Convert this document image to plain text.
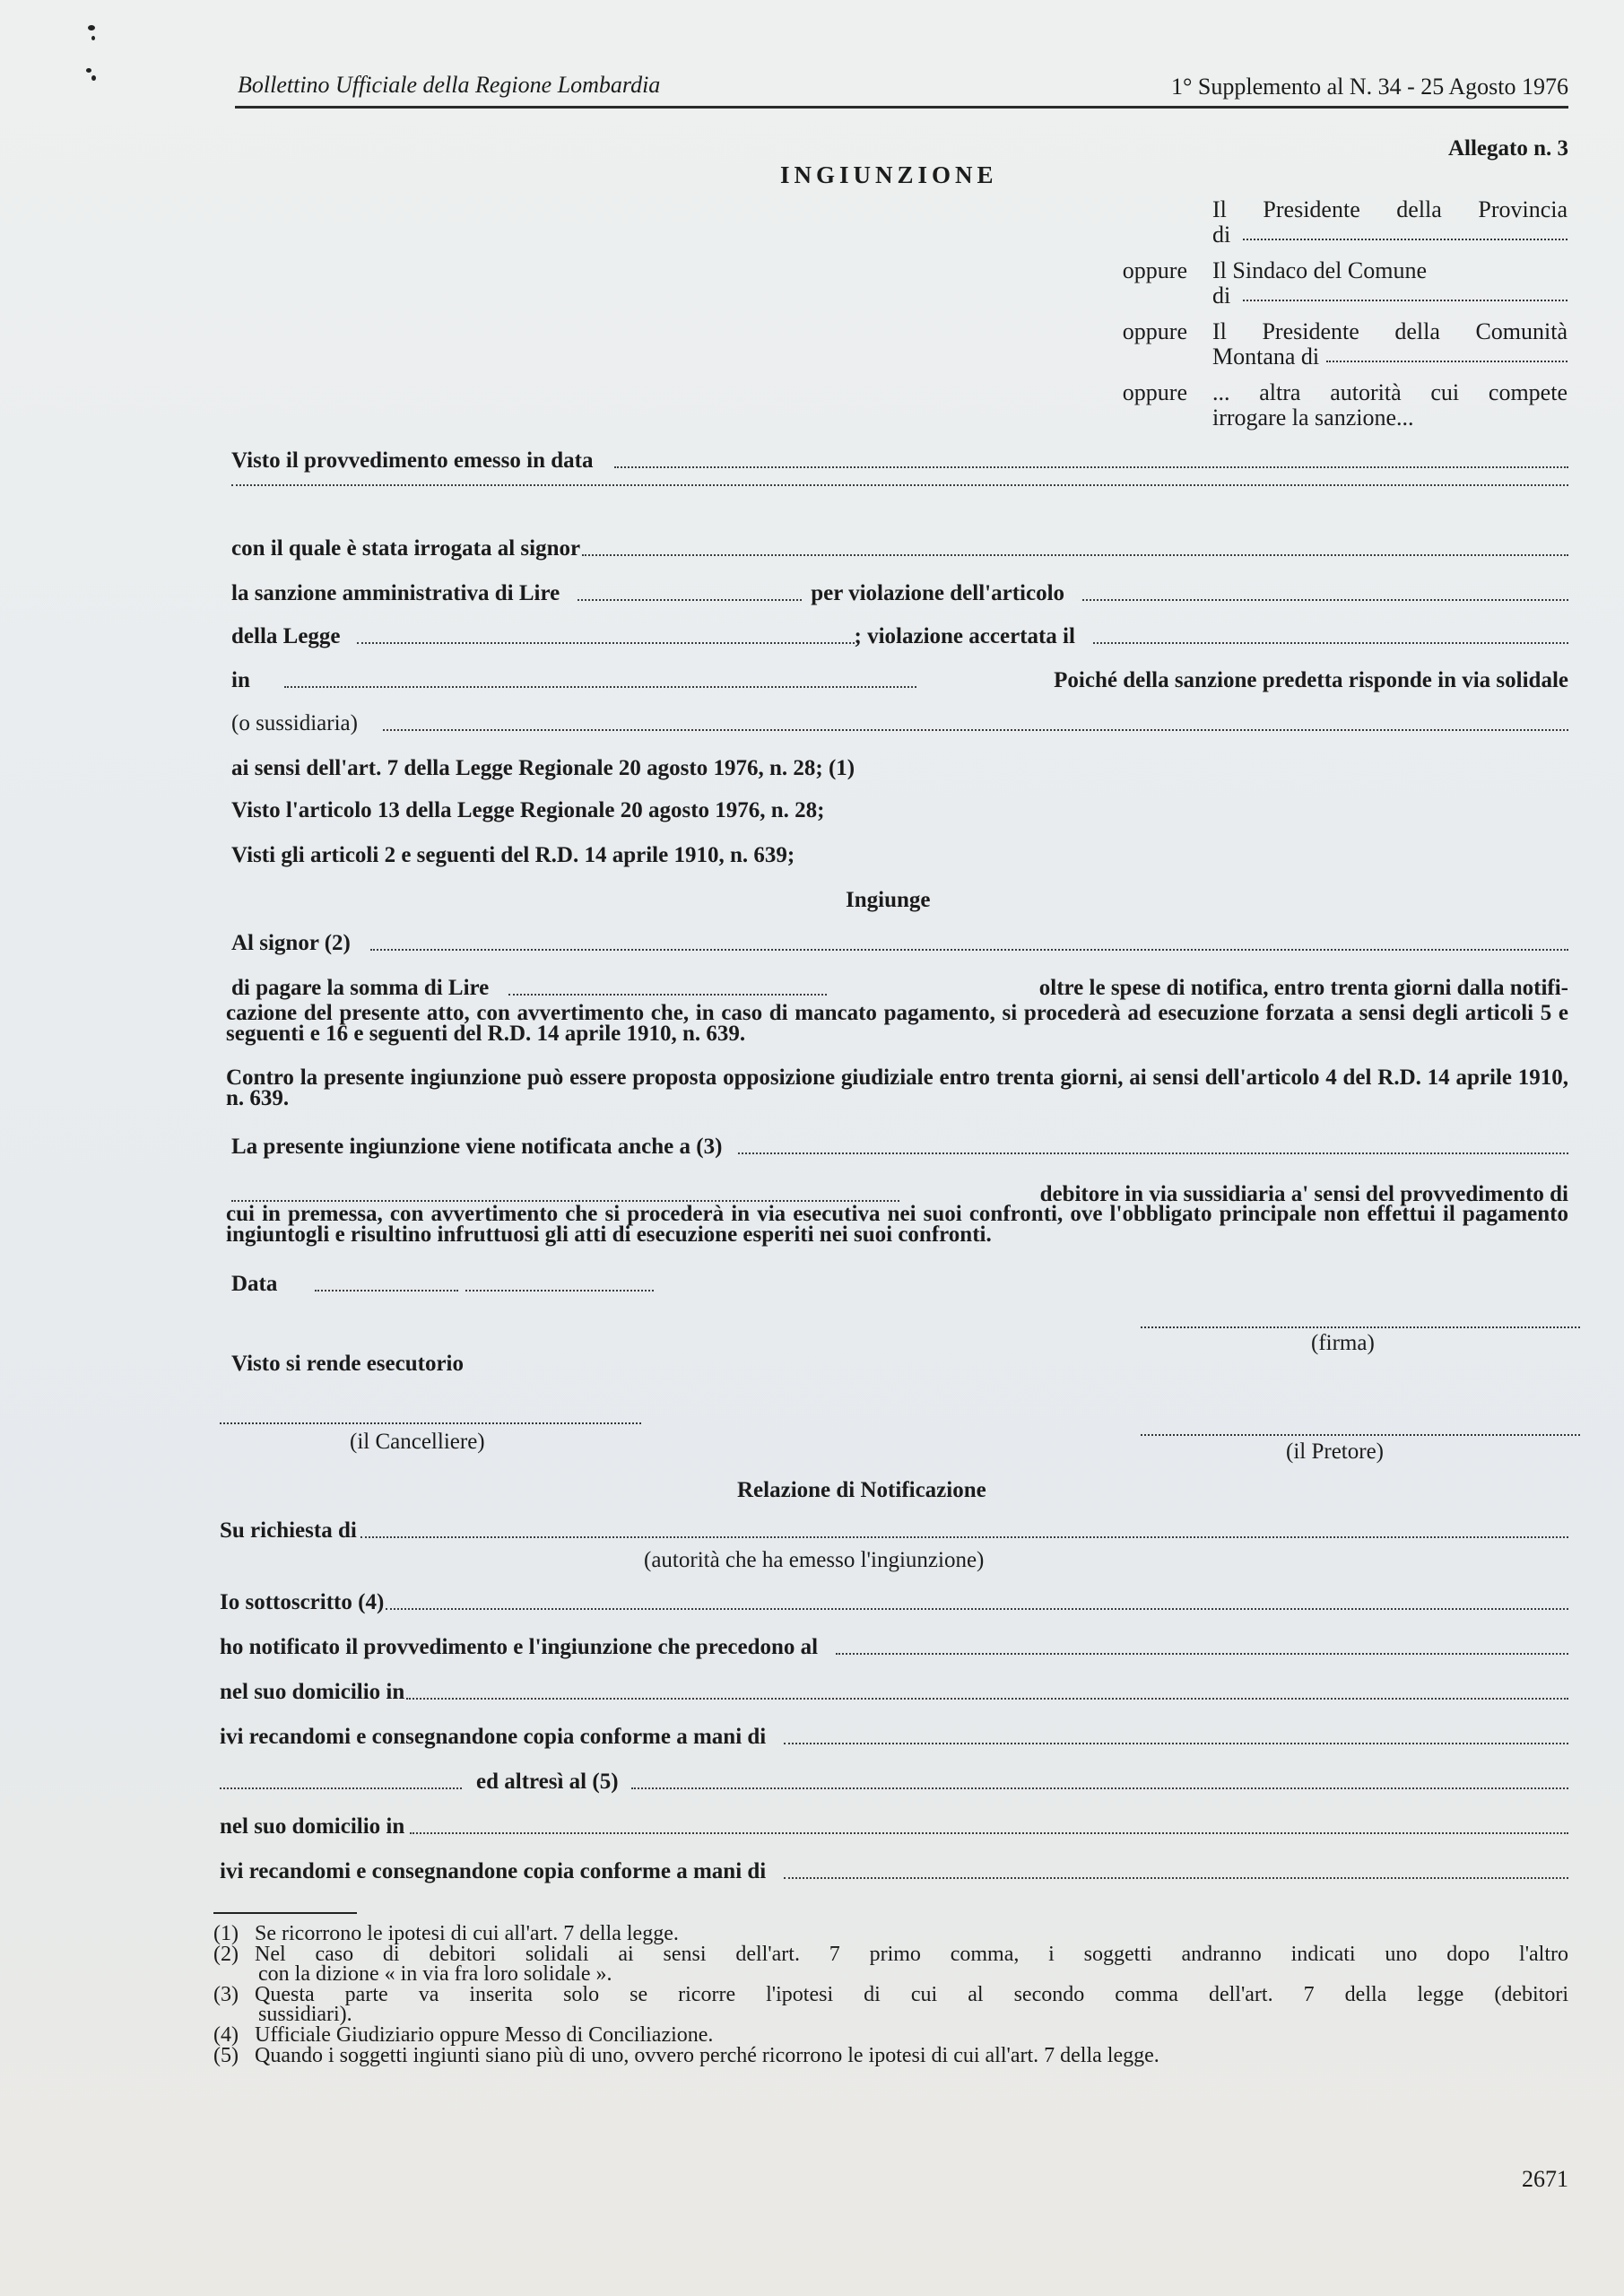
Bollettino Ufficiale della Regione Lombardia	1° Supplemento al N. 34 - 25 Agosto 1976
Allegato n. 3
INGIUNZIONE
Il Presidente della Provincia
di
oppure Il Sindaco del Comune
di
oppure Il Presidente della Comunità
Montana di
oppure ... altra autorità cui compete
irrogare la sanzione...
Visto il provvedimento emesso in data
con il quale è stata irrogata al signor
la sanzione amministrativa di Lire	per violazione dell'articolo
della Legge	; violazione accertata il
in	Poiché della sanzione predetta risponde in via solidale
(o sussidiaria)
ai sensi dell'art. 7 della Legge Regionale 20 agosto 1976, n. 28; (1)
Visto l'articolo 13 della Legge Regionale 20 agosto 1976, n. 28;
Visti gli articoli 2 e seguenti del R.D. 14 aprile 1910, n. 639;
Ingiunge
Al signor (2)
di pagare la somma di Lire	oltre le spese di notifica, entro trenta giorni dalla notifi-
cazione del presente atto, con avvertimento che, in caso di mancato pagamento, si procederà ad esecuzione forzata a sensi degli articoli 5 e seguenti e 16 e seguenti del R.D. 14 aprile 1910, n. 639.
Contro la presente ingiunzione può essere proposta opposizione giudiziale entro trenta giorni, ai sensi dell'articolo 4 del R.D. 14 aprile 1910, n. 639.
La presente ingiunzione viene notificata anche a (3)
debitore in via sussidiaria a' sensi del provvedimento di
cui in premessa, con avvertimento che si procederà in via esecutiva nei suoi confronti, ove l'obbligato principale non effettui il pagamento ingiuntogli e risultino infruttuosi gli atti di esecuzione esperiti nei suoi confronti.
Data
(firma)
Visto si rende esecutorio
(il Cancelliere)	(il Pretore)
Relazione di Notificazione
Su richiesta di
(autorità che ha emesso l'ingiunzione)
Io sottoscritto (4)
ho notificato il provvedimento e l'ingiunzione che precedono al
nel suo domicilio in
ivi recandomi e consegnandone copia conforme a mani di
ed altresì al (5)
nel suo domicilio in
ivi recandomi e consegnandone copia conforme a mani di
(1) Se ricorrono le ipotesi di cui all'art. 7 della legge.
(2) Nel caso di debitori solidali ai sensi dell'art. 7 primo comma, i soggetti andranno indicati uno dopo l'altro
con la dizione « in via fra loro solidale ».
(3) Questa parte va inserita solo se ricorre l'ipotesi di cui al secondo comma dell'art. 7 della legge (debitori
sussidiari).
(4) Ufficiale Giudiziario oppure Messo di Conciliazione.
(5) Quando i soggetti ingiunti siano più di uno, ovvero perché ricorrono le ipotesi di cui all'art. 7 della legge.
2671
